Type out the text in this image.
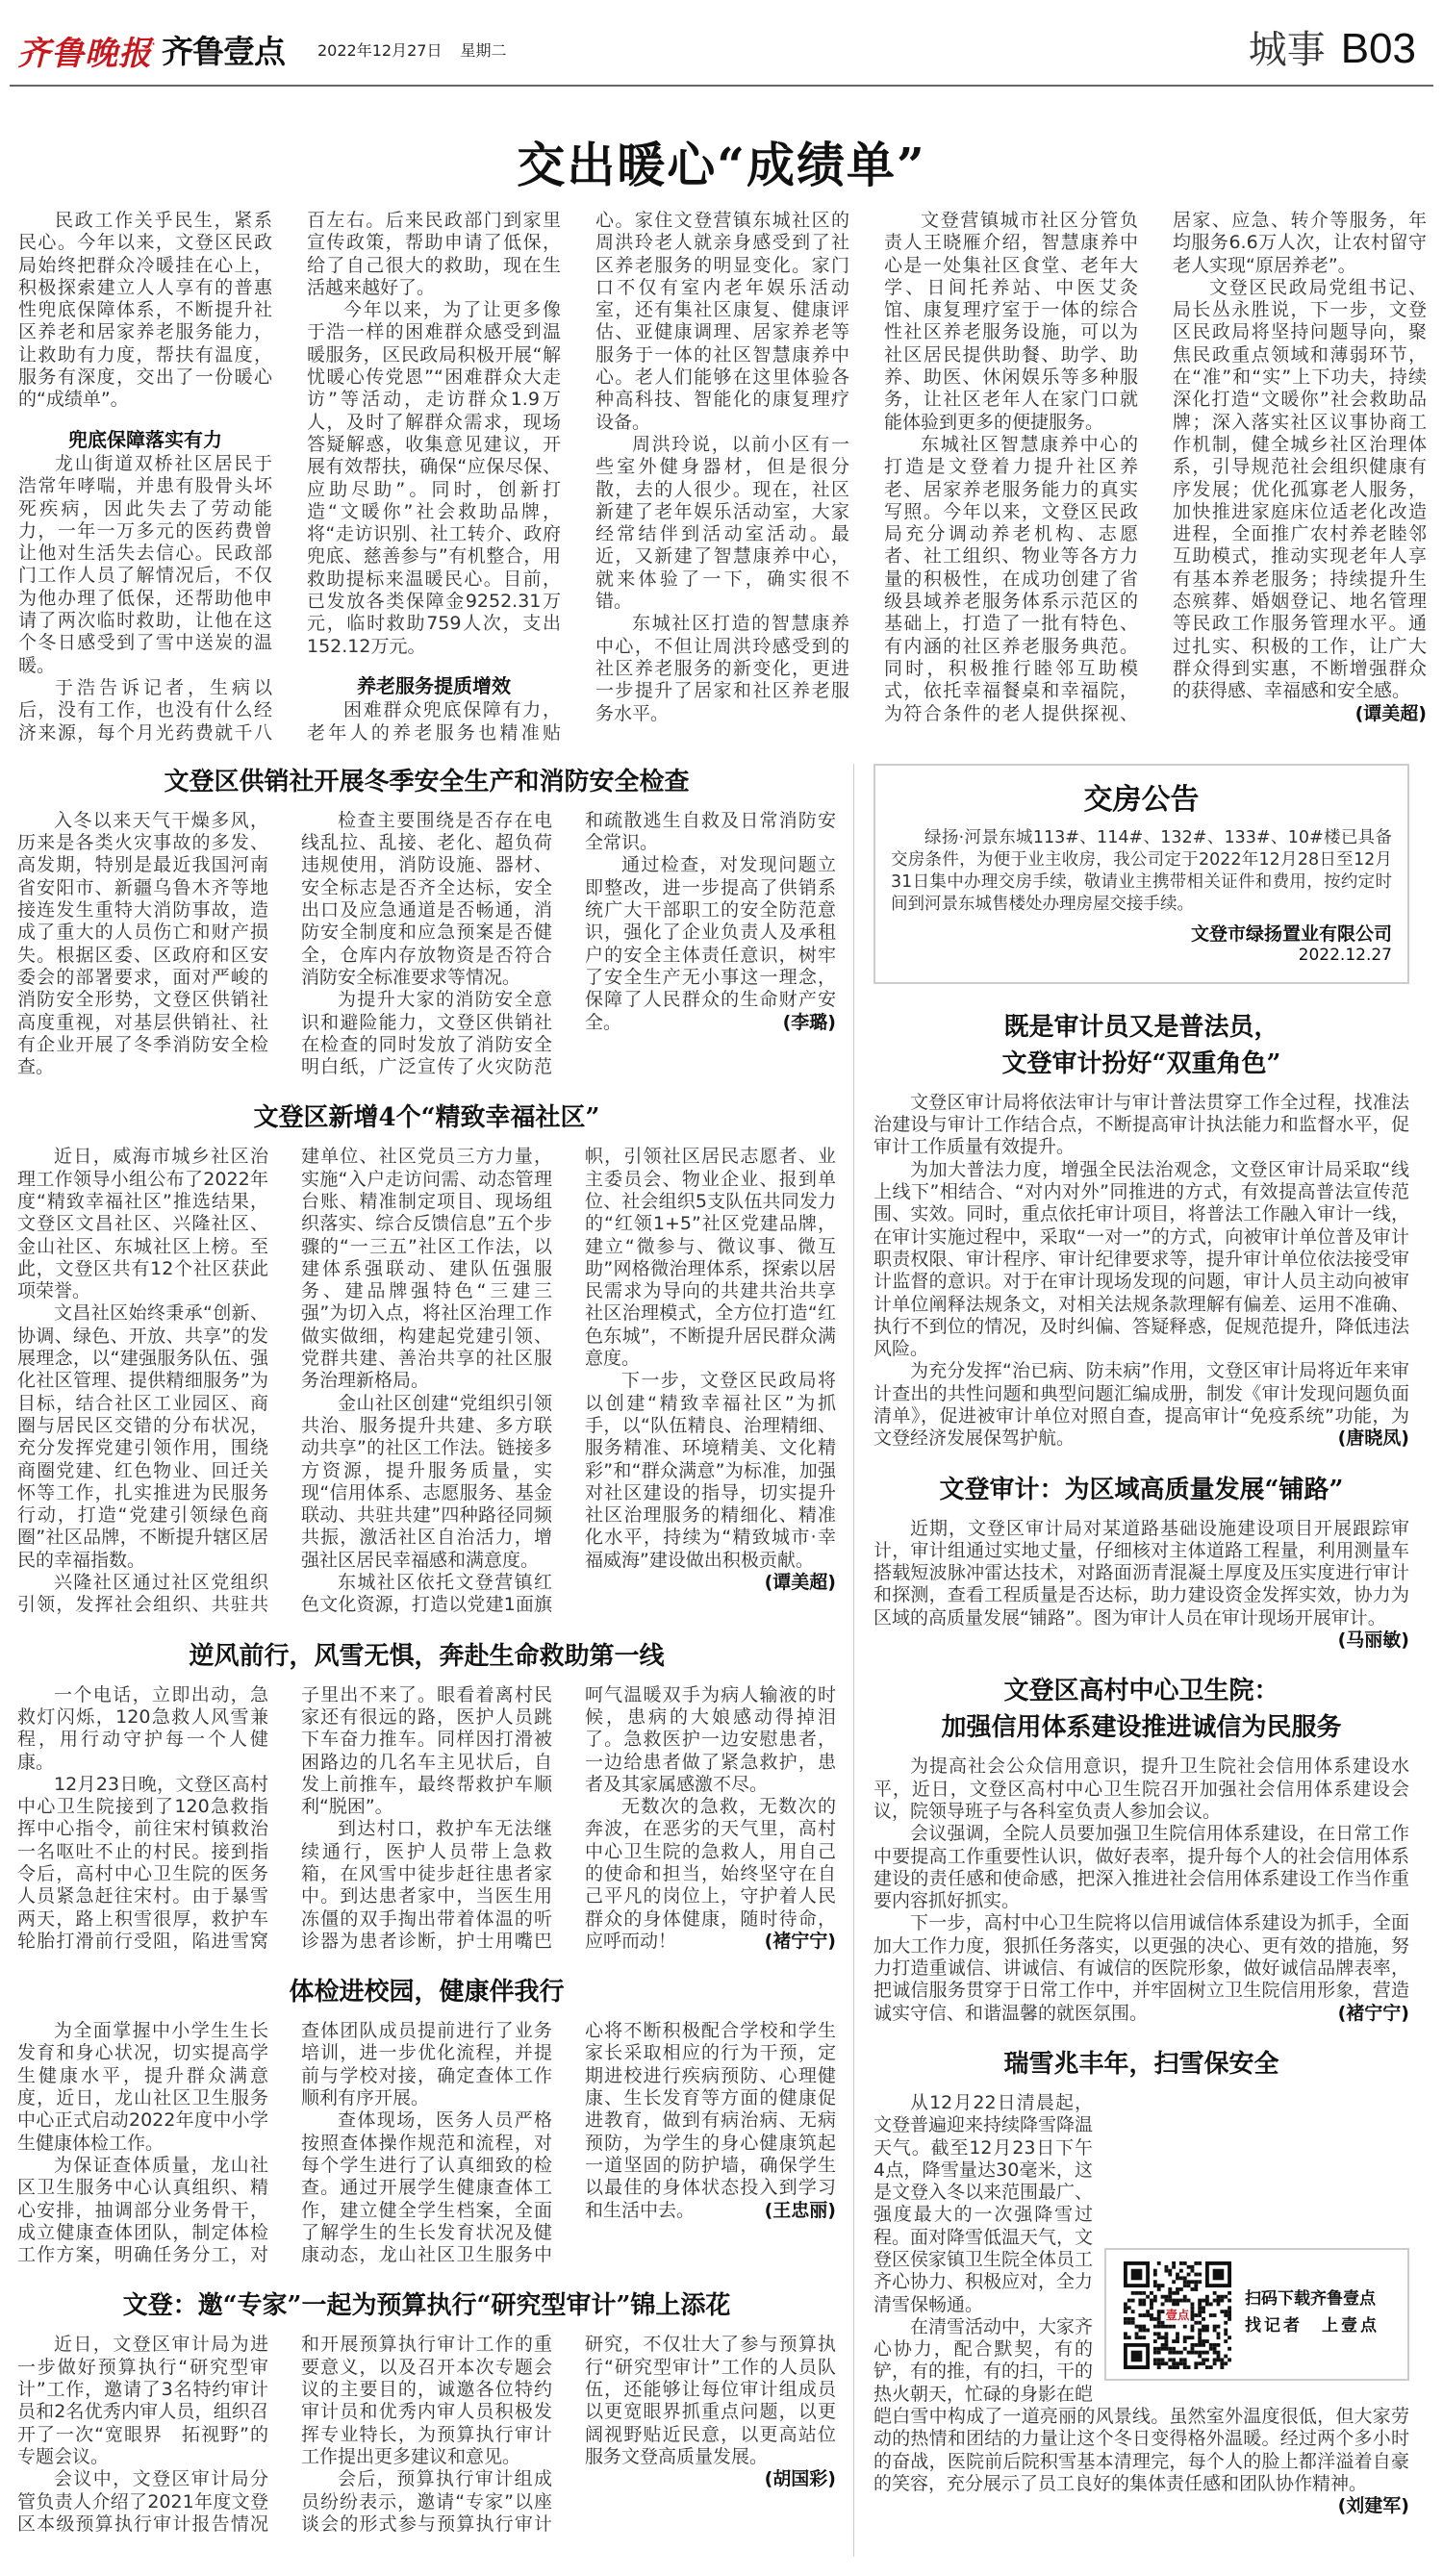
齐鲁晚报 · 齐鲁壹点 2022年12月27日 星期二	城事 B03
交出暖心“成绩单”

民政工作关乎民生，紧系民心。今年以来，文登区民政局始终把群众冷暖挂在心上，积极探索建立人人享有的普惠性兜底保障体系，不断提升社区养老和居家养老服务能力，让救助有力度，帮扶有温度，服务有深度，交出了一份暖心的“成绩单”。

兜底保障落实有力

龙山街道双桥社区居民于浩常年哮喘，并患有股骨头坏死疾病，因此失去了劳动能力，一年一万多元的医药费曾让他对生活失去信心。民政部门工作人员了解情况后，不仅为他办理了低保，还帮助他申请了两次临时救助，让他在这个冬日感受到了雪中送炭的温暖。

于浩告诉记者，生病以后，没有工作，也没有什么经济来源，每个月光药费就千八百左右。后来民政部门到家里宣传政策，帮助申请了低保，给了自己很大的救助，现在生活越来越好了。

今年以来，为了让更多像于浩一样的困难群众感受到温暖服务，区民政局积极开展“解忧暖心传党恩”“困难群众大走访”等活动，走访群众1.9万人，及时了解群众需求，现场答疑解惑，收集意见建议，开展有效帮扶，确保“应保尽保、应助尽助”。同时，创新打造“文暖你”社会救助品牌，将“走访识别、社工转介、政府兜底、慈善参与”有机整合，用救助提标来温暖民心。目前，已发放各类保障金9252.31万元，临时救助759人次，支出152.12万元。

养老服务提质增效

困难群众兜底保障有力，老年人的养老服务也精准贴心。家住文登营镇东城社区的周洪玲老人就亲身感受到了社区养老服务的明显变化。家门口不仅有室内老年娱乐活动室，还有集社区康复、健康评估、亚健康调理、居家养老等服务于一体的社区智慧康养中心。老人们能够在这里体验各种高科技、智能化的康复理疗设备。

周洪玲说，以前小区有一些室外健身器材，但是很分散，去的人很少。现在，社区新建了老年娱乐活动室，大家经常结伴到活动室活动。最近，又新建了智慧康养中心，就来体验了一下，确实很不错。

东城社区打造的智慧康养中心，不但让周洪玲感受到的社区养老服务的新变化，更进一步提升了居家和社区养老服务水平。

文登营镇城市社区分管负责人王晓雁介绍，智慧康养中心是一处集社区食堂、老年大学、日间托养站、中医艾灸馆、康复理疗室于一体的综合性社区养老服务设施，可以为社区居民提供助餐、助学、助养、助医、休闲娱乐等多种服务，让社区老年人在家门口就能体验到更多的便捷服务。

东城社区智慧康养中心的打造是文登着力提升社区养老、居家养老服务能力的真实写照。今年以来，文登区民政局充分调动养老机构、志愿者、社工组织、物业等各方力量的积极性，在成功创建了省级县域养老服务体系示范区的基础上，打造了一批有特色、有内涵的社区养老服务典范。同时，积极推行睦邻互助模式，依托幸福餐桌和幸福院，为符合条件的老人提供探视、居家、应急、转介等服务，年均服务6.6万人次，让农村留守老人实现“原居养老”。

文登区民政局党组书记、局长丛永胜说，下一步，文登区民政局将坚持问题导向，聚焦民政重点领域和薄弱环节，在“准”和“实”上下功夫，持续深化打造“文暖你”社会救助品牌；深入落实社区议事协商工作机制，健全城乡社区治理体系，引导规范社会组织健康有序发展；优化孤寡老人服务，加快推进家庭床位适老化改造进程，全面推广农村养老睦邻互助模式，推动实现老年人享有基本养老服务；持续提升生态殡葬、婚姻登记、地名管理等民政工作服务管理水平。通过扎实、积极的工作，让广大群众得到实惠，不断增强群众的获得感、幸福感和安全感。
(谭美超)

文登区供销社开展冬季安全生产和消防安全检查

入冬以来天气干燥多风，历来是各类火灾事故的多发、高发期，特别是最近我国河南省安阳市、新疆乌鲁木齐等地接连发生重特大消防事故，造成了重大的人员伤亡和财产损失。根据区委、区政府和区安委会的部署要求，面对严峻的消防安全形势，文登区供销社高度重视，对基层供销社、社有企业开展了冬季消防安全检查。

检查主要围绕是否存在电线乱拉、乱接、老化、超负荷违规使用，消防设施、器材、安全标志是否齐全达标，安全出口及应急通道是否畅通，消防安全制度和应急预案是否健全，仓库内存放物资是否符合消防安全标准要求等情况。

为提升大家的消防安全意识和避险能力，文登区供销社在检查的同时发放了消防安全明白纸，广泛宣传了火灾防范和疏散逃生自救及日常消防安全常识。

通过检查，对发现问题立即整改，进一步提高了供销系统广大干部职工的安全防范意识，强化了企业负责人及承租户的安全主体责任意识，树牢了安全生产无小事这一理念，保障了人民群众的生命财产安全。	(李璐)

文登区新增4个“精致幸福社区”

近日，威海市城乡社区治理工作领导小组公布了2022年度“精致幸福社区”推选结果，文登区文昌社区、兴隆社区、金山社区、东城社区上榜。至此，文登区共有12个社区获此项荣誉。

文昌社区始终秉承“创新、协调、绿色、开放、共享”的发展理念，以“建强服务队伍、强化社区管理、提供精细服务”为目标，结合社区工业园区、商圈与居民区交错的分布状况，充分发挥党建引领作用，围绕商圈党建、红色物业、回迁关怀等工作，扎实推进为民服务行动，打造“党建引领绿色商圈”社区品牌，不断提升辖区居民的幸福指数。

兴隆社区通过社区党组织引领，发挥社会组织、共驻共建单位、社区党员三方力量，实施“入户走访问需、动态管理台账、精准制定项目、现场组织落实、综合反馈信息”五个步骤的“一三五”社区工作法，以建体系强联动、建队伍强服务、建品牌强特色“三建三强”为切入点，将社区治理工作做实做细，构建起党建引领、党群共建、善治共享的社区服务治理新格局。

金山社区创建“党组织引领共治、服务提升共建、多方联动共享”的社区工作法。链接多方资源，提升服务质量，实现“信用体系、志愿服务、基金联动、共驻共建”四种路径同频共振，激活社区自治活力，增强社区居民幸福感和满意度。

东城社区依托文登营镇红色文化资源，打造以党建1面旗帜，引领社区居民志愿者、业主委员会、物业企业、报到单位、社会组织5支队伍共同发力的“红领1+5”社区党建品牌，建立“微参与、微议事、微互助”网格微治理体系，探索以居民需求为导向的共建共治共享社区治理模式，全方位打造“红色东城”，不断提升居民群众满意度。

下一步，文登区民政局将以创建“精致幸福社区”为抓手，以“队伍精良、治理精细、服务精准、环境精美、文化精彩”和“群众满意”为标准，加强对社区建设的指导，切实提升社区治理服务的精细化、精准化水平，持续为“精致城市·幸福威海”建设做出积极贡献。
(谭美超)

逆风前行，风雪无惧，奔赴生命救助第一线

一个电话，立即出动，急救灯闪烁，120急救人风雪兼程，用行动守护每一个人健康。

12月23日晚，文登区高村中心卫生院接到了120急救指挥中心指令，前往宋村镇救治一名呕吐不止的村民。接到指令后，高村中心卫生院的医务人员紧急赶往宋村。由于暴雪两天，路上积雪很厚，救护车轮胎打滑前行受阻，陷进雪窝子里出不来了。眼看着离村民家还有很远的路，医护人员跳下车奋力推车。同样因打滑被困路边的几名车主见状后，自发上前推车，最终帮救护车顺利“脱困”。

到达村口，救护车无法继续通行，医护人员带上急救箱，在风雪中徒步赶往患者家中。到达患者家中，当医生用冻僵的双手掏出带着体温的听诊器为患者诊断，护士用嘴巴呵气温暖双手为病人输液的时候，患病的大娘感动得掉泪了。急救医护一边安慰患者，一边给患者做了紧急救护，患者及其家属感激不尽。

无数次的急救，无数次的奔波，在恶劣的天气里，高村中心卫生院的急救人，用自己的使命和担当，始终坚守在自己平凡的岗位上，守护着人民群众的身体健康，随时待命，应呼而动！	(褚宁宁)

体检进校园，健康伴我行

为全面掌握中小学生生长发育和身心状况，切实提高学生健康水平，提升群众满意度，近日，龙山社区卫生服务中心正式启动2022年度中小学生健康体检工作。

为保证查体质量，龙山社区卫生服务中心认真组织、精心安排，抽调部分业务骨干，成立健康查体团队，制定体检工作方案，明确任务分工，对查体团队成员提前进行了业务培训，进一步优化流程，并提前与学校对接，确定查体工作顺利有序开展。

查体现场，医务人员严格按照查体操作规范和流程，对每个学生进行了认真细致的检查。通过开展学生健康查体工作，建立健全学生档案，全面了解学生的生长发育状况及健康动态，龙山社区卫生服务中心将不断积极配合学校和学生家长采取相应的行为干预，定期进校进行疾病预防、心理健康、生长发育等方面的健康促进教育，做到有病治病、无病预防，为学生的身心健康筑起一道坚固的防护墙，确保学生以最佳的身体状态投入到学习和生活中去。	(王忠丽)

文登：邀“专家”一起为预算执行“研究型审计”锦上添花

近日，文登区审计局为进一步做好预算执行“研究型审计”工作，邀请了3名特约审计员和2名优秀内审人员，组织召开了一次“宽眼界　拓视野”的专题会议。

会议中，文登区审计局分管负责人介绍了2021年度文登区本级预算执行审计报告情况和开展预算执行审计工作的重要意义，以及召开本次专题会议的主要目的，诚邀各位特约审计员和优秀内审人员积极发挥专业特长，为预算执行审计工作提出更多建议和意见。

会后，预算执行审计组成员纷纷表示，邀请“专家”以座谈会的形式参与预算执行审计研究，不仅壮大了参与预算执行“研究型审计”工作的人员队伍，还能够让每位审计组成员以更宽眼界抓重点问题，以更阔视野贴近民意，以更高站位服务文登高质量发展。
(胡国彩)

交房公告
绿扬·河景东城113#、114#、132#、133#、10#楼已具备交房条件，为便于业主收房，我公司定于2022年12月28日至12月31日集中办理交房手续，敬请业主携带相关证件和费用，按约定时间到河景东城售楼处办理房屋交接手续。
文登市绿扬置业有限公司
2022.12.27
既是审计员又是普法员，
文登审计扮好“双重角色”

文登区审计局将依法审计与审计普法贯穿工作全过程，找准法治建设与审计工作结合点，不断提高审计执法能力和监督水平，促审计工作质量有效提升。

为加大普法力度，增强全民法治观念，文登区审计局采取“线上线下”相结合、“对内对外”同推进的方式，有效提高普法宣传范围、实效。同时，重点依托审计项目，将普法工作融入审计一线，在审计实施过程中，采取“一对一”的方式，向被审计单位普及审计职责权限、审计程序、审计纪律要求等，提升审计单位依法接受审计监督的意识。对于在审计现场发现的问题，审计人员主动向被审计单位阐释法规条文，对相关法规条款理解有偏差、运用不准确、执行不到位的情况，及时纠偏、答疑释惑，促规范提升，降低违法风险。

为充分发挥“治已病、防未病”作用，文登区审计局将近年来审计查出的共性问题和典型问题汇编成册，制发《审计发现问题负面清单》，促进被审计单位对照自查，提高审计“免疫系统”功能，为文登经济发展保驾护航。	(唐晓凤)

文登审计：为区域高质量发展“铺路”

近期，文登区审计局对某道路基础设施建设项目开展跟踪审计，审计组通过实地丈量，仔细核对主体道路工程量，利用测量车搭载短波脉冲雷达技术，对路面沥青混凝土厚度及压实度进行审计和探测，查看工程质量是否达标，助力建设资金发挥实效，协力为区域的高质量发展“铺路”。图为审计人员在审计现场开展审计。
(马丽敏)

文登区高村中心卫生院：
加强信用体系建设推进诚信为民服务

为提高社会公众信用意识，提升卫生院社会信用体系建设水平，近日，文登区高村中心卫生院召开加强社会信用体系建设会议，院领导班子与各科室负责人参加会议。

会议强调，全院人员要加强卫生院信用体系建设，在日常工作中要提高工作重要性认识，做好表率，提升每个人的社会信用体系建设的责任感和使命感，把深入推进社会信用体系建设工作当作重要内容抓好抓实。

下一步，高村中心卫生院将以信用诚信体系建设为抓手，全面加大工作力度，狠抓任务落实，以更强的决心、更有效的措施，努力打造重诚信、讲诚信、有诚信的医院形象，做好诚信品牌表率，把诚信服务贯穿于日常工作中，并牢固树立卫生院信用形象，营造诚实守信、和谐温馨的就医氛围。	(褚宁宁)

瑞雪兆丰年，扫雪保安全
壹点
扫码下载齐鲁壹点
找记者　上壹点

从12月22日清晨起，文登普遍迎来持续降雪降温天气。截至12月23日下午4点，降雪量达30毫米，这是文登入冬以来范围最广、强度最大的一次强降雪过程。面对降雪低温天气，文登区侯家镇卫生院全体员工齐心协力、积极应对，全力清雪保畅通。

在清雪活动中，大家齐心协力，配合默契，有的铲，有的推，有的扫，干的热火朝天，忙碌的身影在皑皑白雪中构成了一道亮丽的风景线。虽然室外温度很低，但大家劳动的热情和团结的力量让这个冬日变得格外温暖。经过两个多小时的奋战，医院前后院积雪基本清理完，每个人的脸上都洋溢着自豪的笑容，充分展示了员工良好的集体责任感和团队协作精神。
(刘建军)
